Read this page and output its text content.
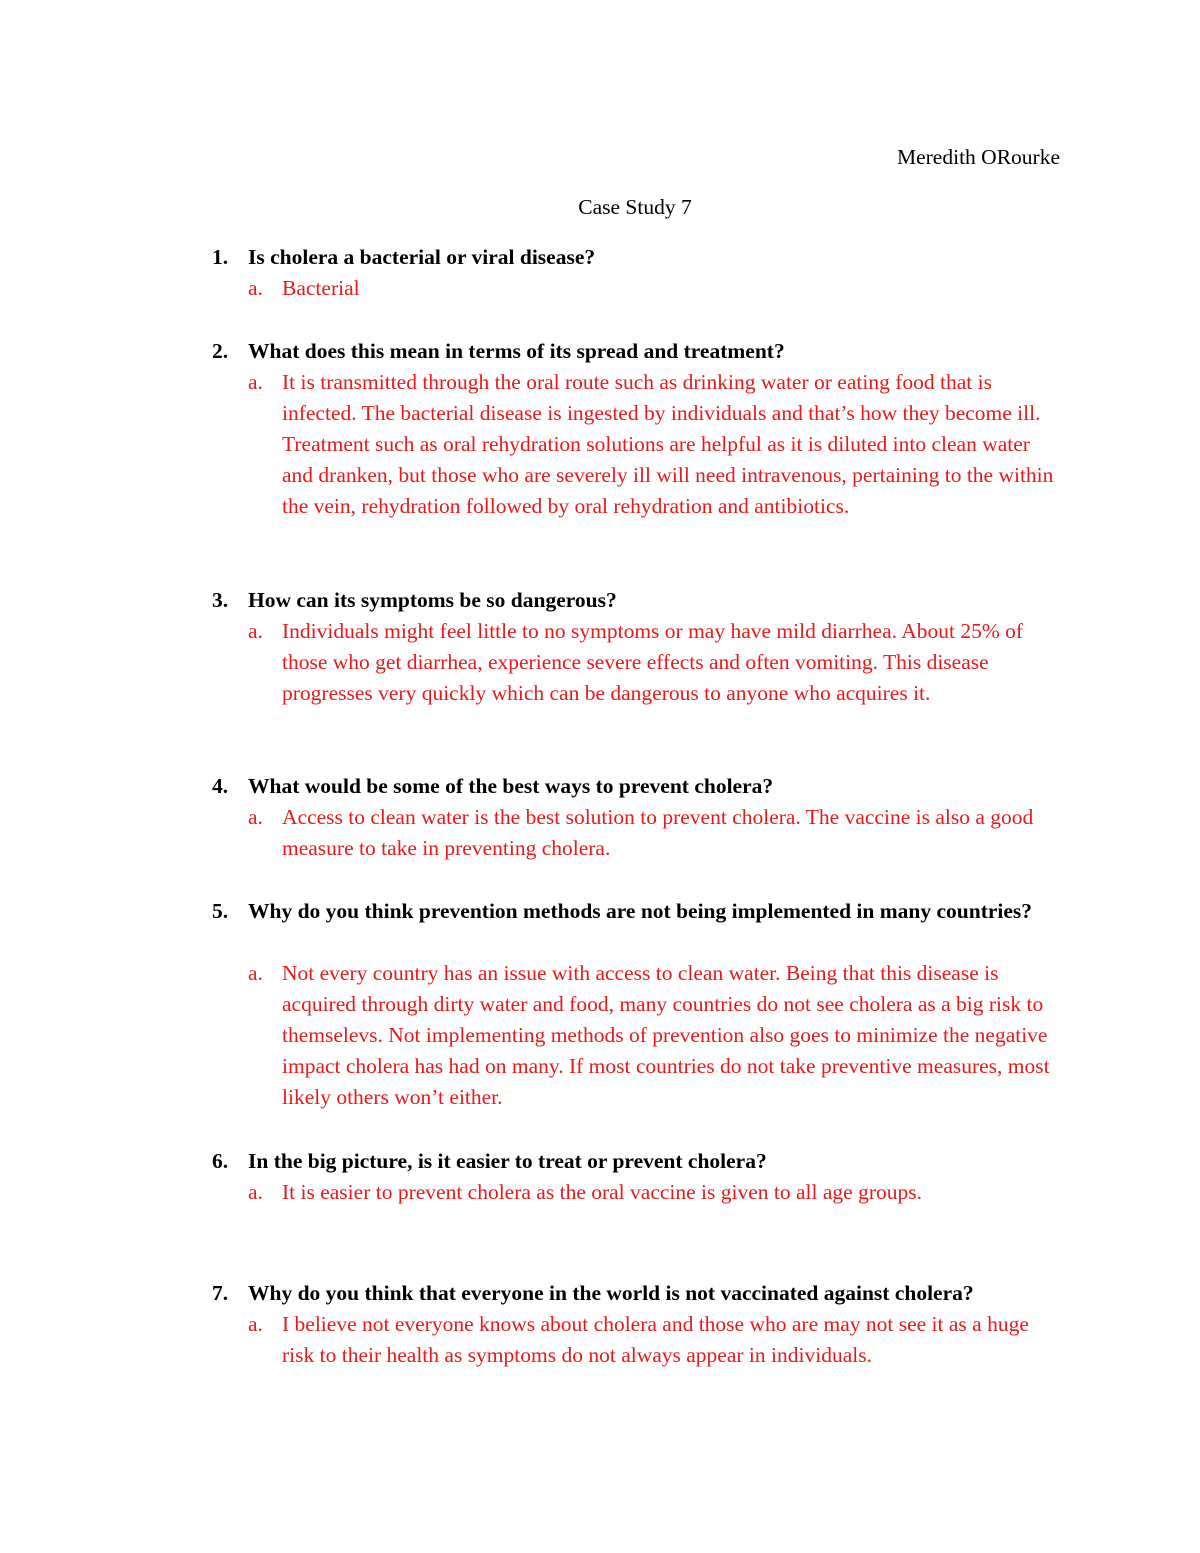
Meredith ORourke
Case Study 7
1. Is cholera a bacterial or viral disease?
a. Bacterial
2. What does this mean in terms of its spread and treatment?
a. It is transmitted through the oral route such as drinking water or eating food that is infected. The bacterial disease is ingested by individuals and that’s how they become ill. Treatment such as oral rehydration solutions are helpful as it is diluted into clean water and dranken, but those who are severely ill will need intravenous, pertaining to the within the vein, rehydration followed by oral rehydration and antibiotics.
3. How can its symptoms be so dangerous?
a. Individuals might feel little to no symptoms or may have mild diarrhea. About 25% of those who get diarrhea, experience severe effects and often vomiting. This disease progresses very quickly which can be dangerous to anyone who acquires it.
4. What would be some of the best ways to prevent cholera?
a. Access to clean water is the best solution to prevent cholera. The vaccine is also a good measure to take in preventing cholera.
5. Why do you think prevention methods are not being implemented in many countries?
a. Not every country has an issue with access to clean water. Being that this disease is acquired through dirty water and food, many countries do not see cholera as a big risk to themselevs. Not implementing methods of prevention also goes to minimize the negative impact cholera has had on many. If most countries do not take preventive measures, most likely others won’t either.
6. In the big picture, is it easier to treat or prevent cholera?
a. It is easier to prevent cholera as the oral vaccine is given to all age groups.
7. Why do you think that everyone in the world is not vaccinated against cholera?
a. I believe not everyone knows about cholera and those who are may not see it as a huge risk to their health as symptoms do not always appear in individuals.
